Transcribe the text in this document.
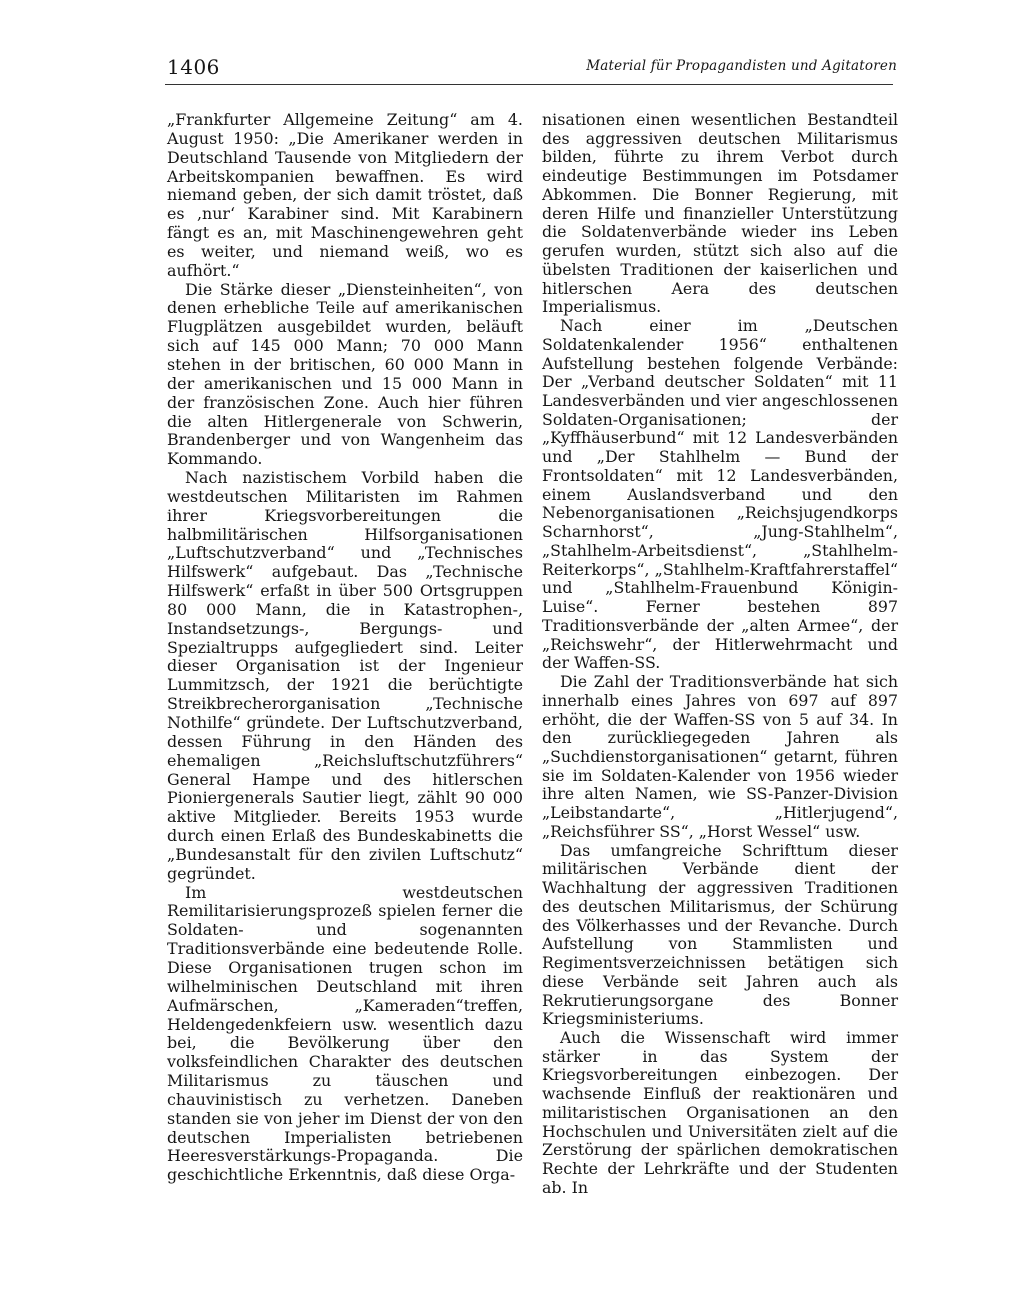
1406	Material für Propagandisten und Agitatoren

„Frankfurter Allgemeine Zeitung“ am 4. August 1950: „Die Amerikaner werden in Deutschland Tausende von Mitgliedern der Arbeitskompanien bewaffnen. Es wird niemand geben, der sich damit tröstet, daß es ‚nur‘ Karabiner sind. Mit Karabinern fängt es an, mit Maschinengewehren geht es weiter, und niemand weiß, wo es aufhört.“

Die Stärke dieser „Diensteinheiten“, von denen erhebliche Teile auf amerikanischen Flugplätzen ausgebildet wurden, beläuft sich auf 145 000 Mann; 70 000 Mann stehen in der britischen, 60 000 Mann in der amerikanischen und 15 000 Mann in der französischen Zone. Auch hier führen die alten Hitlergenerale von Schwerin, Brandenberger und von Wangenheim das Kommando.

Nach nazistischem Vorbild haben die westdeutschen Militaristen im Rahmen ihrer Kriegsvorbereitungen die halbmilitärischen Hilfsorganisationen „Luftschutzverband“ und „Technisches Hilfswerk“ aufgebaut. Das „Technische Hilfswerk“ erfaßt in über 500 Ortsgruppen 80 000 Mann, die in Katastrophen-, Instandsetzungs-, Bergungs- und Spezialtrupps aufgegliedert sind. Leiter dieser Organisation ist der Ingenieur Lummitzsch, der 1921 die berüchtigte Streikbrecherorganisation „Technische Nothilfe“ gründete. Der Luftschutzverband, dessen Führung in den Händen des ehemaligen „Reichsluftschutzführers“ General Hampe und des hitlerschen Pioniergenerals Sautier liegt, zählt 90 000 aktive Mitglieder. Bereits 1953 wurde durch einen Erlaß des Bundeskabinetts die „Bundesanstalt für den zivilen Luftschutz“ gegründet.

Im westdeutschen Remilitarisierungsprozeß spielen ferner die Soldaten- und sogenannten Traditionsverbände eine bedeutende Rolle. Diese Organisationen trugen schon im wilhelminischen Deutschland mit ihren Aufmärschen, „Kameraden“treffen, Heldengedenkfeiern usw. wesentlich dazu bei, die Bevölkerung über den volksfeindlichen Charakter des deutschen Militarismus zu täuschen und chauvinistisch zu verhetzen. Daneben standen sie von jeher im Dienst der von den deutschen Imperialisten betriebenen Heeresverstärkungs-Propaganda. Die geschichtliche Erkenntnis, daß diese Orga-

nisationen einen wesentlichen Bestandteil des aggressiven deutschen Militarismus bilden, führte zu ihrem Verbot durch eindeutige Bestimmungen im Potsdamer Abkommen. Die Bonner Regierung, mit deren Hilfe und finanzieller Unterstützung die Soldatenverbände wieder ins Leben gerufen wurden, stützt sich also auf die übelsten Traditionen der kaiserlichen und hitlerschen Aera des deutschen Imperialismus.

Nach einer im „Deutschen Soldatenkalender 1956“ enthaltenen Aufstellung bestehen folgende Verbände: Der „Verband deutscher Soldaten“ mit 11 Landesverbänden und vier angeschlossenen Soldaten-Organisationen; der „Kyffhäuserbund“ mit 12 Landesverbänden und „Der Stahlhelm — Bund der Frontsoldaten“ mit 12 Landesverbänden, einem Auslandsverband und den Nebenorganisationen „Reichsjugendkorps Scharnhorst“, „Jung-Stahlhelm“, „Stahlhelm-Arbeitsdienst“, „Stahlhelm-Reiterkorps“, „Stahlhelm-Kraftfahrerstaffel“ und „Stahlhelm-Frauenbund Königin-Luise“. Ferner bestehen 897 Traditionsverbände der „alten Armee“, der „Reichswehr“, der Hitlerwehrmacht und der Waffen-SS.

Die Zahl der Traditionsverbände hat sich innerhalb eines Jahres von 697 auf 897 erhöht, die der Waffen-SS von 5 auf 34. In den zurückliegegeden Jahren als „Suchdienstorganisationen“ getarnt, führen sie im Soldaten-Kalender von 1956 wieder ihre alten Namen, wie SS-Panzer-Division „Leibstandarte“, „Hitlerjugend“, „Reichsführer SS“, „Horst Wessel“ usw.

Das umfangreiche Schrifttum dieser militärischen Verbände dient der Wachhaltung der aggressiven Traditionen des deutschen Militarismus, der Schürung des Völkerhasses und der Revanche. Durch Aufstellung von Stammlisten und Regimentsverzeichnissen betätigen sich diese Verbände seit Jahren auch als Rekrutierungsorgane des Bonner Kriegsministeriums.

Auch die Wissenschaft wird immer stärker in das System der Kriegsvorbereitungen einbezogen. Der wachsende Einfluß der reaktionären und militaristischen Organisationen an den Hochschulen und Universitäten zielt auf die Zerstörung der spärlichen demokratischen Rechte der Lehrkräfte und der Studenten ab. In
